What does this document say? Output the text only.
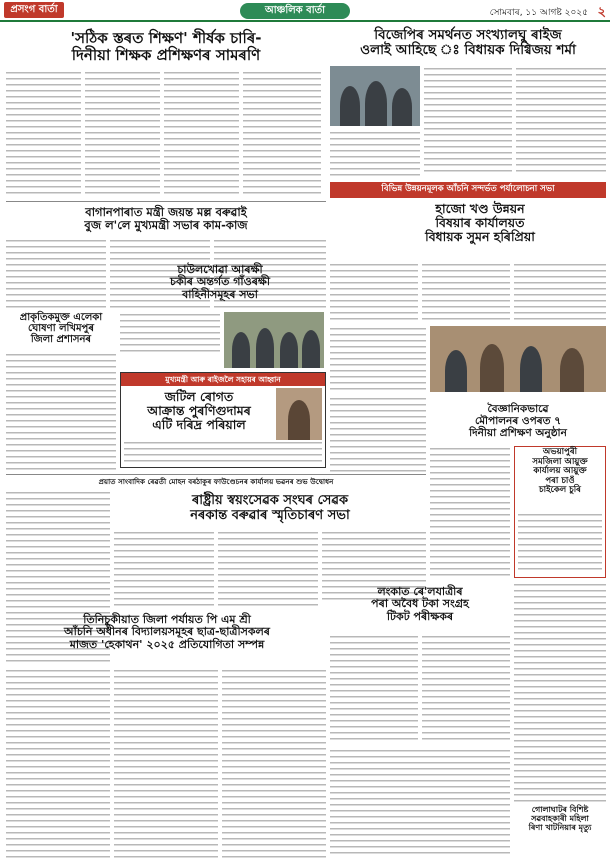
প্ৰসংগ বাৰ্তা	আঞ্চলিক বাৰ্তা	সোমবাৰ, ১১ আগষ্ট ২০২৫ ২
'সঠিক স্তৰত শিক্ষণ' শীৰ্ষক চাৰি-
দিনীয়া শিক্ষক প্ৰশিক্ষণৰ সামৰণি
বিজেপিৰ সমৰ্থনত সংখ্যালঘু ৰাইজ
ওলাই আহিছে ঃ বিধায়ক দিগ্বিজয় শৰ্মা
বিভিন্ন উন্নয়নমূলক আঁচনি সন্দৰ্ভত পৰ্যালোচনা সভা
হাজো খণ্ড উন্নয়ন
বিষয়াৰ কাৰ্যালয়ত
বিধায়ক সুমন হৰিপ্ৰিয়া
বাগানপাৰাত মন্ত্ৰী জয়ন্ত মল্ল বৰুৱাই
বুজ ল'লে মুখ্যমন্ত্ৰী সভাৰ কাম-কাজ
চাউলখোৱা আৰক্ষী
চকীৰ অন্তৰ্গত গাঁওৰক্ষী
বাহিনীসমূহৰ সভা
প্ৰাকৃতিকমুক্ত এলেকা
ঘোষণা লখিমপুৰ
জিলা প্ৰশাসনৰ
মুখ্যমন্ত্ৰী আৰু ৰাইজলৈ সহায়ৰ আহ্বান
জটিল ৰোগত
আক্ৰান্ত পুৰণিগুদামৰ
এটি দৰিদ্ৰ পৰিয়াল
বৈজ্ঞানিকভাৱে
মৌপালনৰ ওপৰত ৭
দিনীয়া প্ৰশিক্ষণ অনুষ্ঠান
অভয়াপুৰী
সমজিলা আয়ুক্ত
কাৰ্যালয় আয়ুক্ত
পৰা চাওঁ
চাইকেল চুৰি
প্ৰয়াত সাংবাদিক ৰেৱতী মোহন বৰঠাকুৰ ফাউণ্ডেচনৰ কাৰ্যালয় ভৱনৰ শুভ উদ্বোধন
ৰাষ্ট্ৰীয় স্বয়ংসেৱক সংঘৰ সেৱক
নৰকান্ত বৰুৱাৰ স্মৃতিচাৰণ সভা
লংকাত ৰে'লযাত্ৰীৰ
পৰা অবৈধ টকা সংগ্ৰহ
টিকট পৰীক্ষকৰ
তিনিচুকীয়াত জিলা পৰ্যায়ত পি এম শ্ৰী
আঁচনি অধীনৰ বিদ্যালয়সমূহৰ ছাত্ৰ-ছাত্ৰীসকলৰ
মাজত 'হেকাথন' ২০২৫ প্ৰতিযোগিতা সম্পন্ন
গোলাঘাটৰ বিশিষ্ট
সৱবাহকাৰী মহিলা
ৰিণা খাটনিয়াৰ মৃত্যু
